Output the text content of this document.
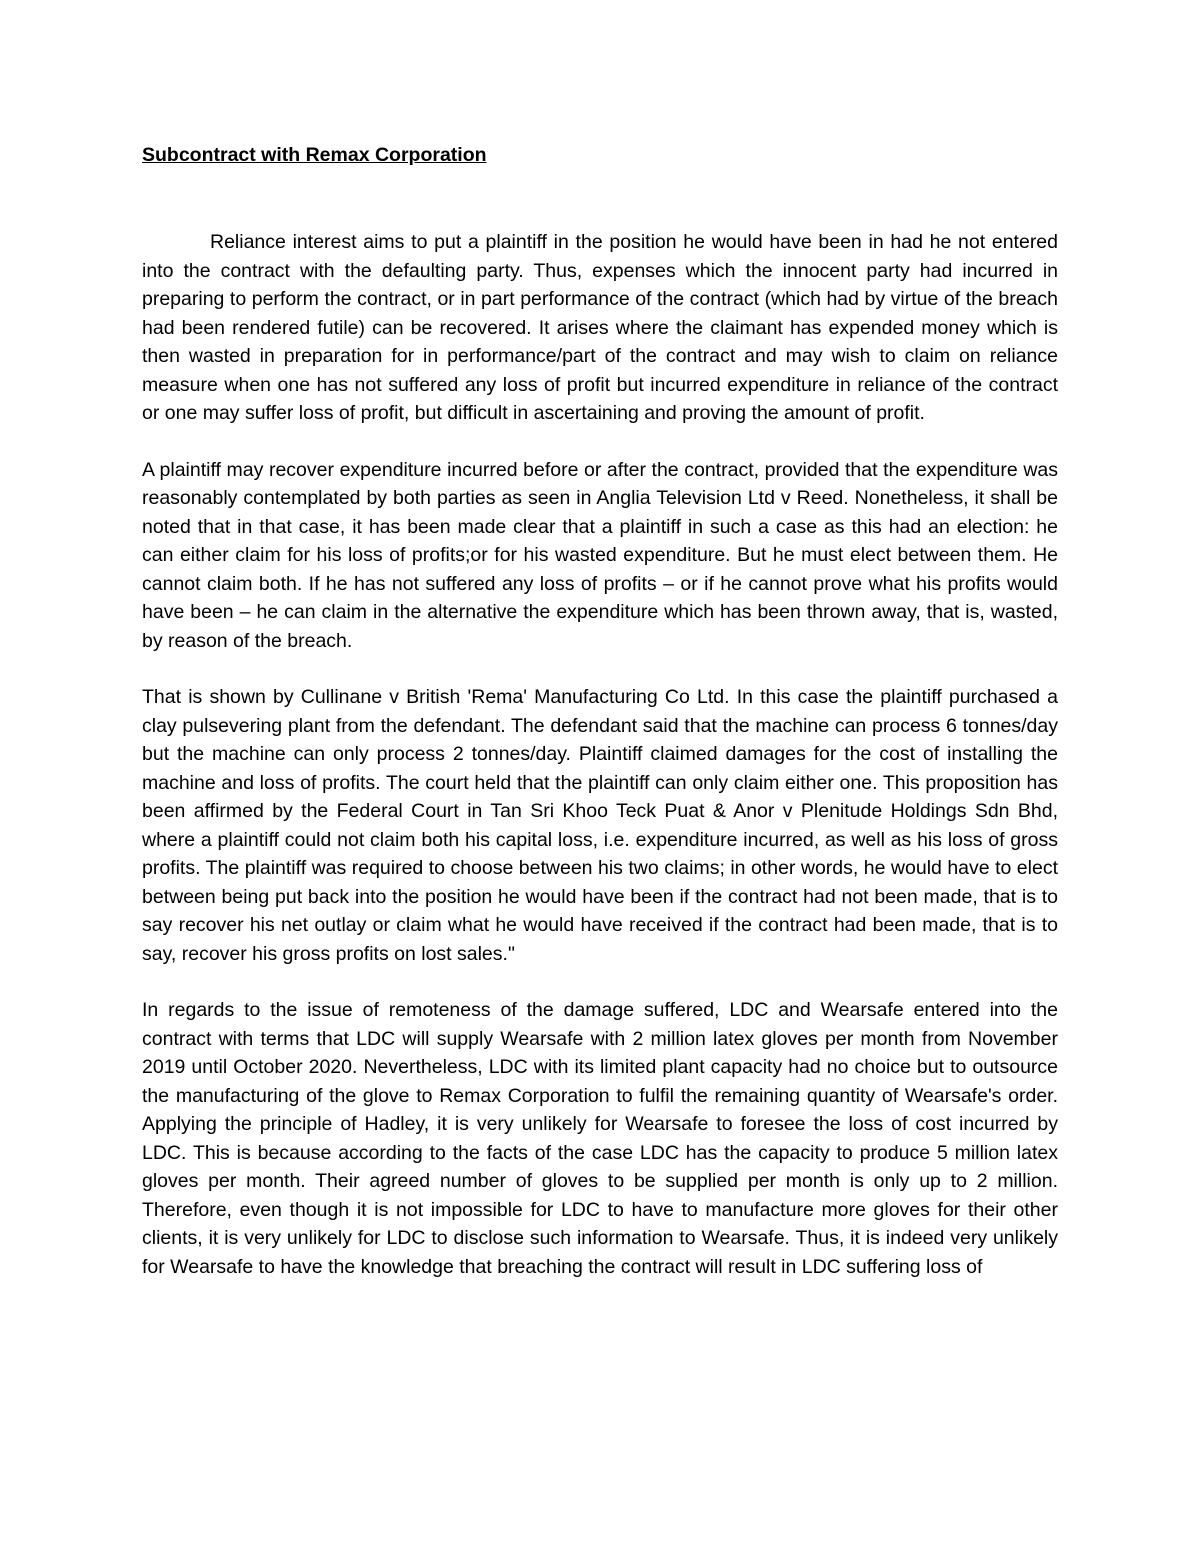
Subcontract with Remax Corporation

Reliance interest aims to put a plaintiff in the position he would have been in had he not entered into the contract with the defaulting party. Thus, expenses which the innocent party had incurred in preparing to perform the contract, or in part performance of the contract (which had by virtue of the breach had been rendered futile) can be recovered. It arises where the claimant has expended money which is then wasted in preparation for in performance/part of the contract and may wish to claim on reliance measure when one has not suffered any loss of profit but incurred expenditure in reliance of the contract or one may suffer loss of profit, but difficult in ascertaining and proving the amount of profit.

A plaintiff may recover expenditure incurred before or after the contract, provided that the expenditure was reasonably contemplated by both parties as seen in Anglia Television Ltd v Reed. Nonetheless, it shall be noted that in that case, it has been made clear that a plaintiff in such a case as this had an election: he can either claim for his loss of profits;or for his wasted expenditure. But he must elect between them. He cannot claim both. If he has not suffered any loss of profits – or if he cannot prove what his profits would have been – he can claim in the alternative the expenditure which has been thrown away, that is, wasted, by reason of the breach.

That is shown by Cullinane v British 'Rema' Manufacturing Co Ltd. In this case the plaintiff purchased a clay pulsevering plant from the defendant. The defendant said that the machine can process 6 tonnes/day but the machine can only process 2 tonnes/day. Plaintiff claimed damages for the cost of installing the machine and loss of profits. The court held that the plaintiff can only claim either one. This proposition has been affirmed by the Federal Court in Tan Sri Khoo Teck Puat & Anor v Plenitude Holdings Sdn Bhd, where a plaintiff could not claim both his capital loss, i.e. expenditure incurred, as well as his loss of gross profits. The plaintiff was required to choose between his two claims; in other words, he would have to elect between being put back into the position he would have been if the contract had not been made, that is to say recover his net outlay or claim what he would have received if the contract had been made, that is to say, recover his gross profits on lost sales."

In regards to the issue of remoteness of the damage suffered, LDC and Wearsafe entered into the contract with terms that LDC will supply Wearsafe with 2 million latex gloves per month from November 2019 until October 2020. Nevertheless, LDC with its limited plant capacity had no choice but to outsource the manufacturing of the glove to Remax Corporation to fulfil the remaining quantity of Wearsafe's order. Applying the principle of Hadley, it is very unlikely for Wearsafe to foresee the loss of cost incurred by LDC. This is because according to the facts of the case LDC has the capacity to produce 5 million latex gloves per month. Their agreed number of gloves to be supplied per month is only up to 2 million. Therefore, even though it is not impossible for LDC to have to manufacture more gloves for their other clients, it is very unlikely for LDC to disclose such information to Wearsafe. Thus, it is indeed very unlikely for Wearsafe to have the knowledge that breaching the contract will result in LDC suffering loss of
